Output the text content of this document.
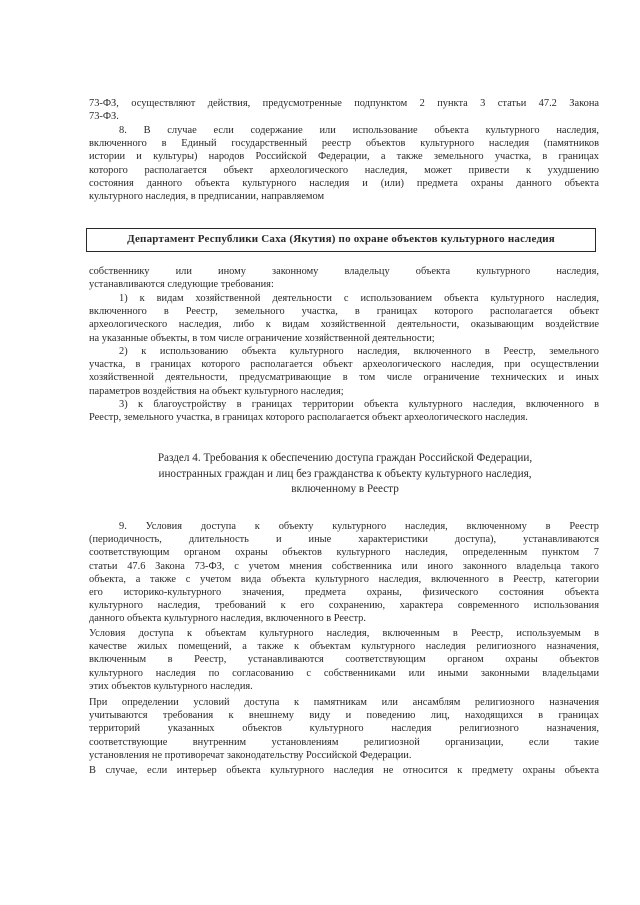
73-ФЗ, осуществляют действия, предусмотренные подпунктом 2 пункта 3 статьи 47.2 Закона
73-ФЗ.
8. В случае если содержание или использование объекта культурного наследия,
включенного в Единый государственный реестр объектов культурного наследия (памятников
истории и культуры) народов Российской Федерации, а также земельного участка, в границах
которого располагается объект археологического наследия, может привести к ухудшению
состояния данного объекта культурного наследия и (или) предмета охраны данного объекта
культурного наследия, в предписании, направляемом
Департамент Республики Саха (Якутия) по охране объектов культурного наследия
собственнику или иному законному владельцу объекта культурного наследия,
устанавливаются следующие требования:
1) к видам хозяйственной деятельности с использованием объекта культурного наследия,
включенного в Реестр, земельного участка, в границах которого располагается объект
археологического наследия, либо к видам хозяйственной деятельности, оказывающим воздействие
на указанные объекты, в том числе ограничение хозяйственной деятельности;
2) к использованию объекта культурного наследия, включенного в Реестр, земельного
участка, в границах которого располагается объект археологического наследия, при осуществлении
хозяйственной деятельности, предусматривающие в том числе ограничение технических и иных
параметров воздействия на объект культурного наследия;
3) к благоустройству в границах территории объекта культурного наследия, включенного в
Реестр, земельного участка, в границах которого располагается объект археологического наследия.
Раздел 4. Требования к обеспечению доступа граждан Российской Федерации,
иностранных граждан и лиц без гражданства к объекту культурного наследия,
включенному в Реестр
9. Условия доступа к объекту культурного наследия, включенному в Реестр
(периодичность, длительность и иные характеристики доступа), устанавливаются
соответствующим органом охраны объектов культурного наследия, определенным пунктом 7
статьи 47.6 Закона 73-ФЗ, с учетом мнения собственника или иного законного владельца такого
объекта, а также с учетом вида объекта культурного наследия, включенного в Реестр, категории
его историко-культурного значения, предмета охраны, физического состояния объекта
культурного наследия, требований к его сохранению, характера современного использования
данного объекта культурного наследия, включенного в Реестр.
Условия доступа к объектам культурного наследия, включенным в Реестр, используемым в
качестве жилых помещений, а также к объектам культурного наследия религиозного назначения,
включенным в Реестр, устанавливаются соответствующим органом охраны объектов
культурного наследия по согласованию с собственниками или иными законными владельцами
этих объектов культурного наследия.
При определении условий доступа к памятникам или ансамблям религиозного назначения
учитываются требования к внешнему виду и поведению лиц, находящихся в границах
территорий указанных объектов культурного наследия религиозного назначения,
соответствующие внутренним установлениям религиозной организации, если такие
установления не противоречат законодательству Российской Федерации.
В случае, если интерьер объекта культурного наследия не относится к предмету охраны объекта
